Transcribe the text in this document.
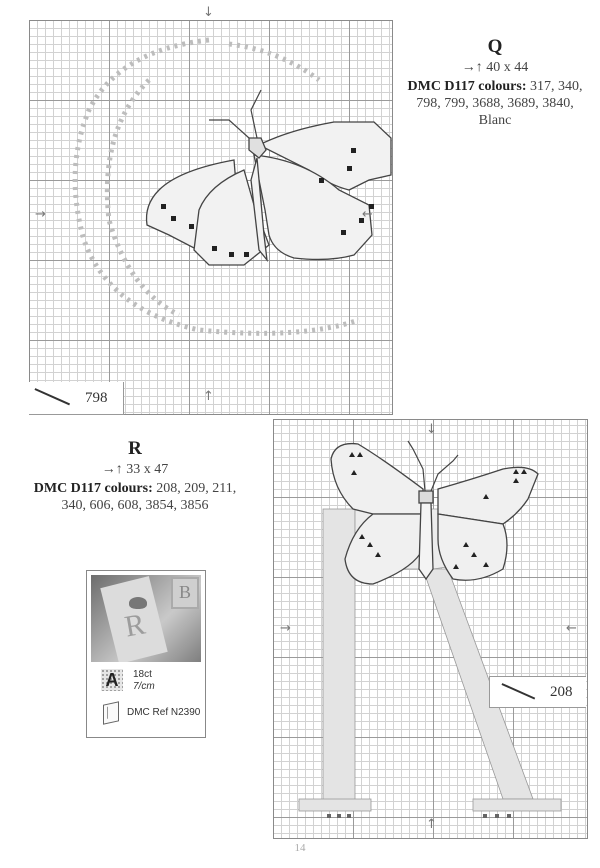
↓
↑
→	←
798
Q
→↑ 40 x 44
DMC D117 colours: 317, 340,
798, 799, 3688, 3689, 3840,
Blanc
R
→↑ 33 x 47
DMC D117 colours: 208, 209, 211,
340, 606, 608, 3854, 3856
↓
↑
→	←
208
R
B
A	18ct
7/cm
DMC Ref N2390
14
